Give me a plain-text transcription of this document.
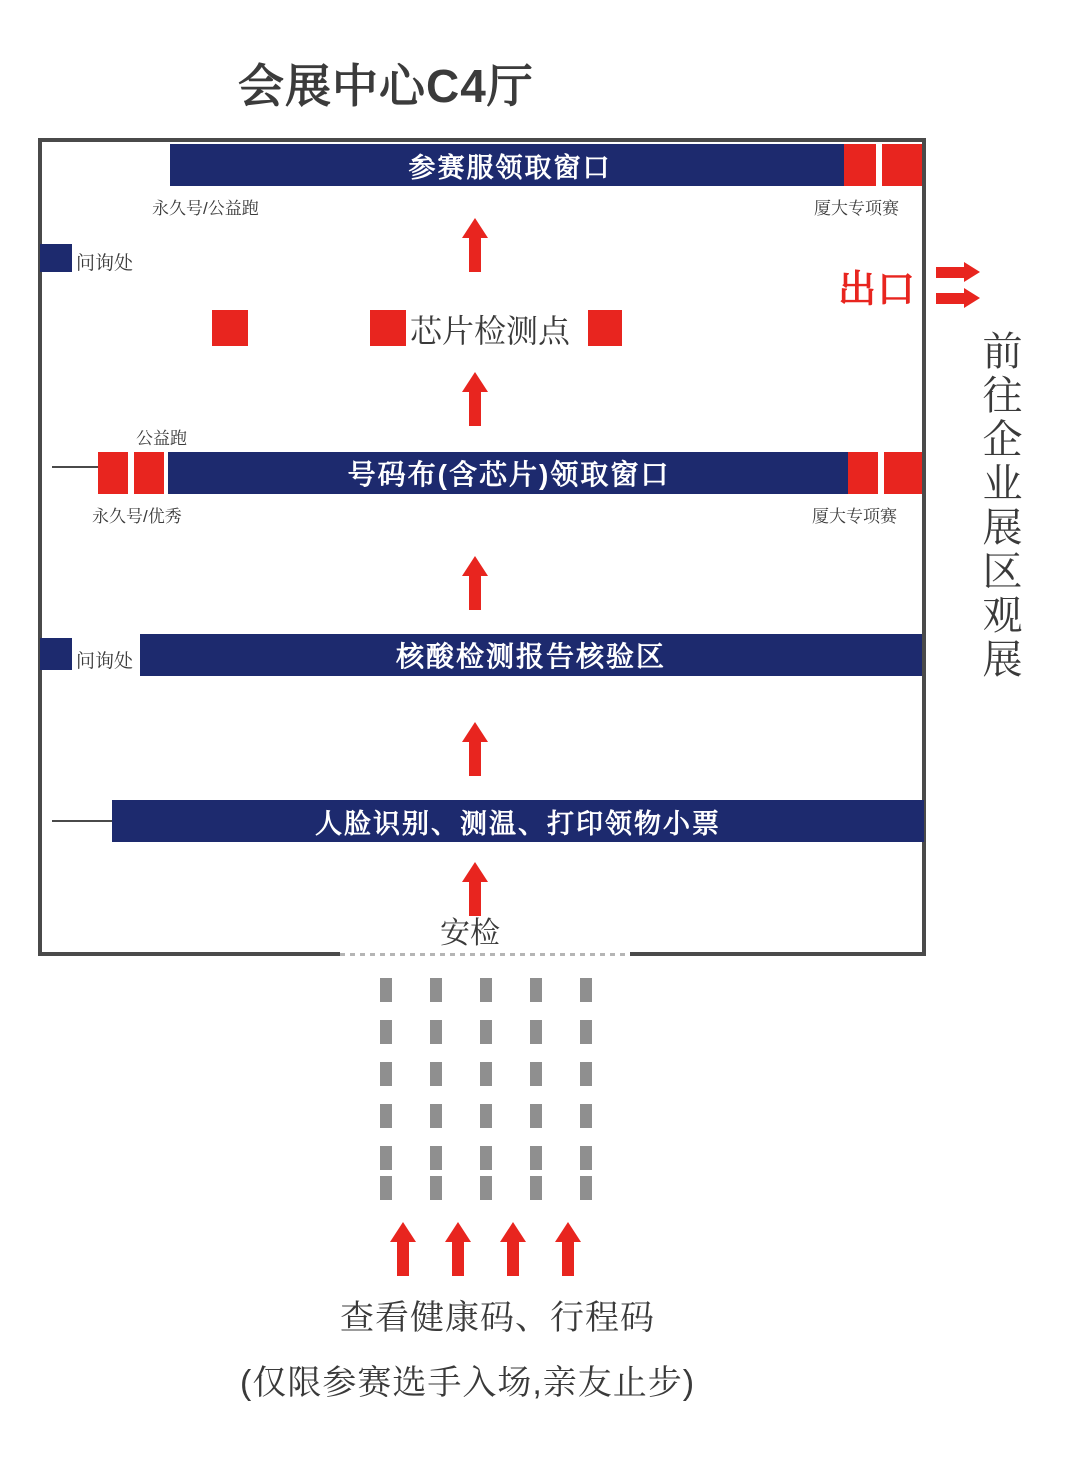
会展中心C4厅
参赛服领取窗口
永久号/公益跑	厦大专项赛
问询处
芯片检测点
公益跑
号码布(含芯片)领取窗口
永久号/优秀	厦大专项赛
问询处	核酸检测报告核验区
人脸识别、测温、打印领物小票
安检
出口
前往企业展区观展
查看健康码、行程码
(仅限参赛选手入场,亲友止步)
